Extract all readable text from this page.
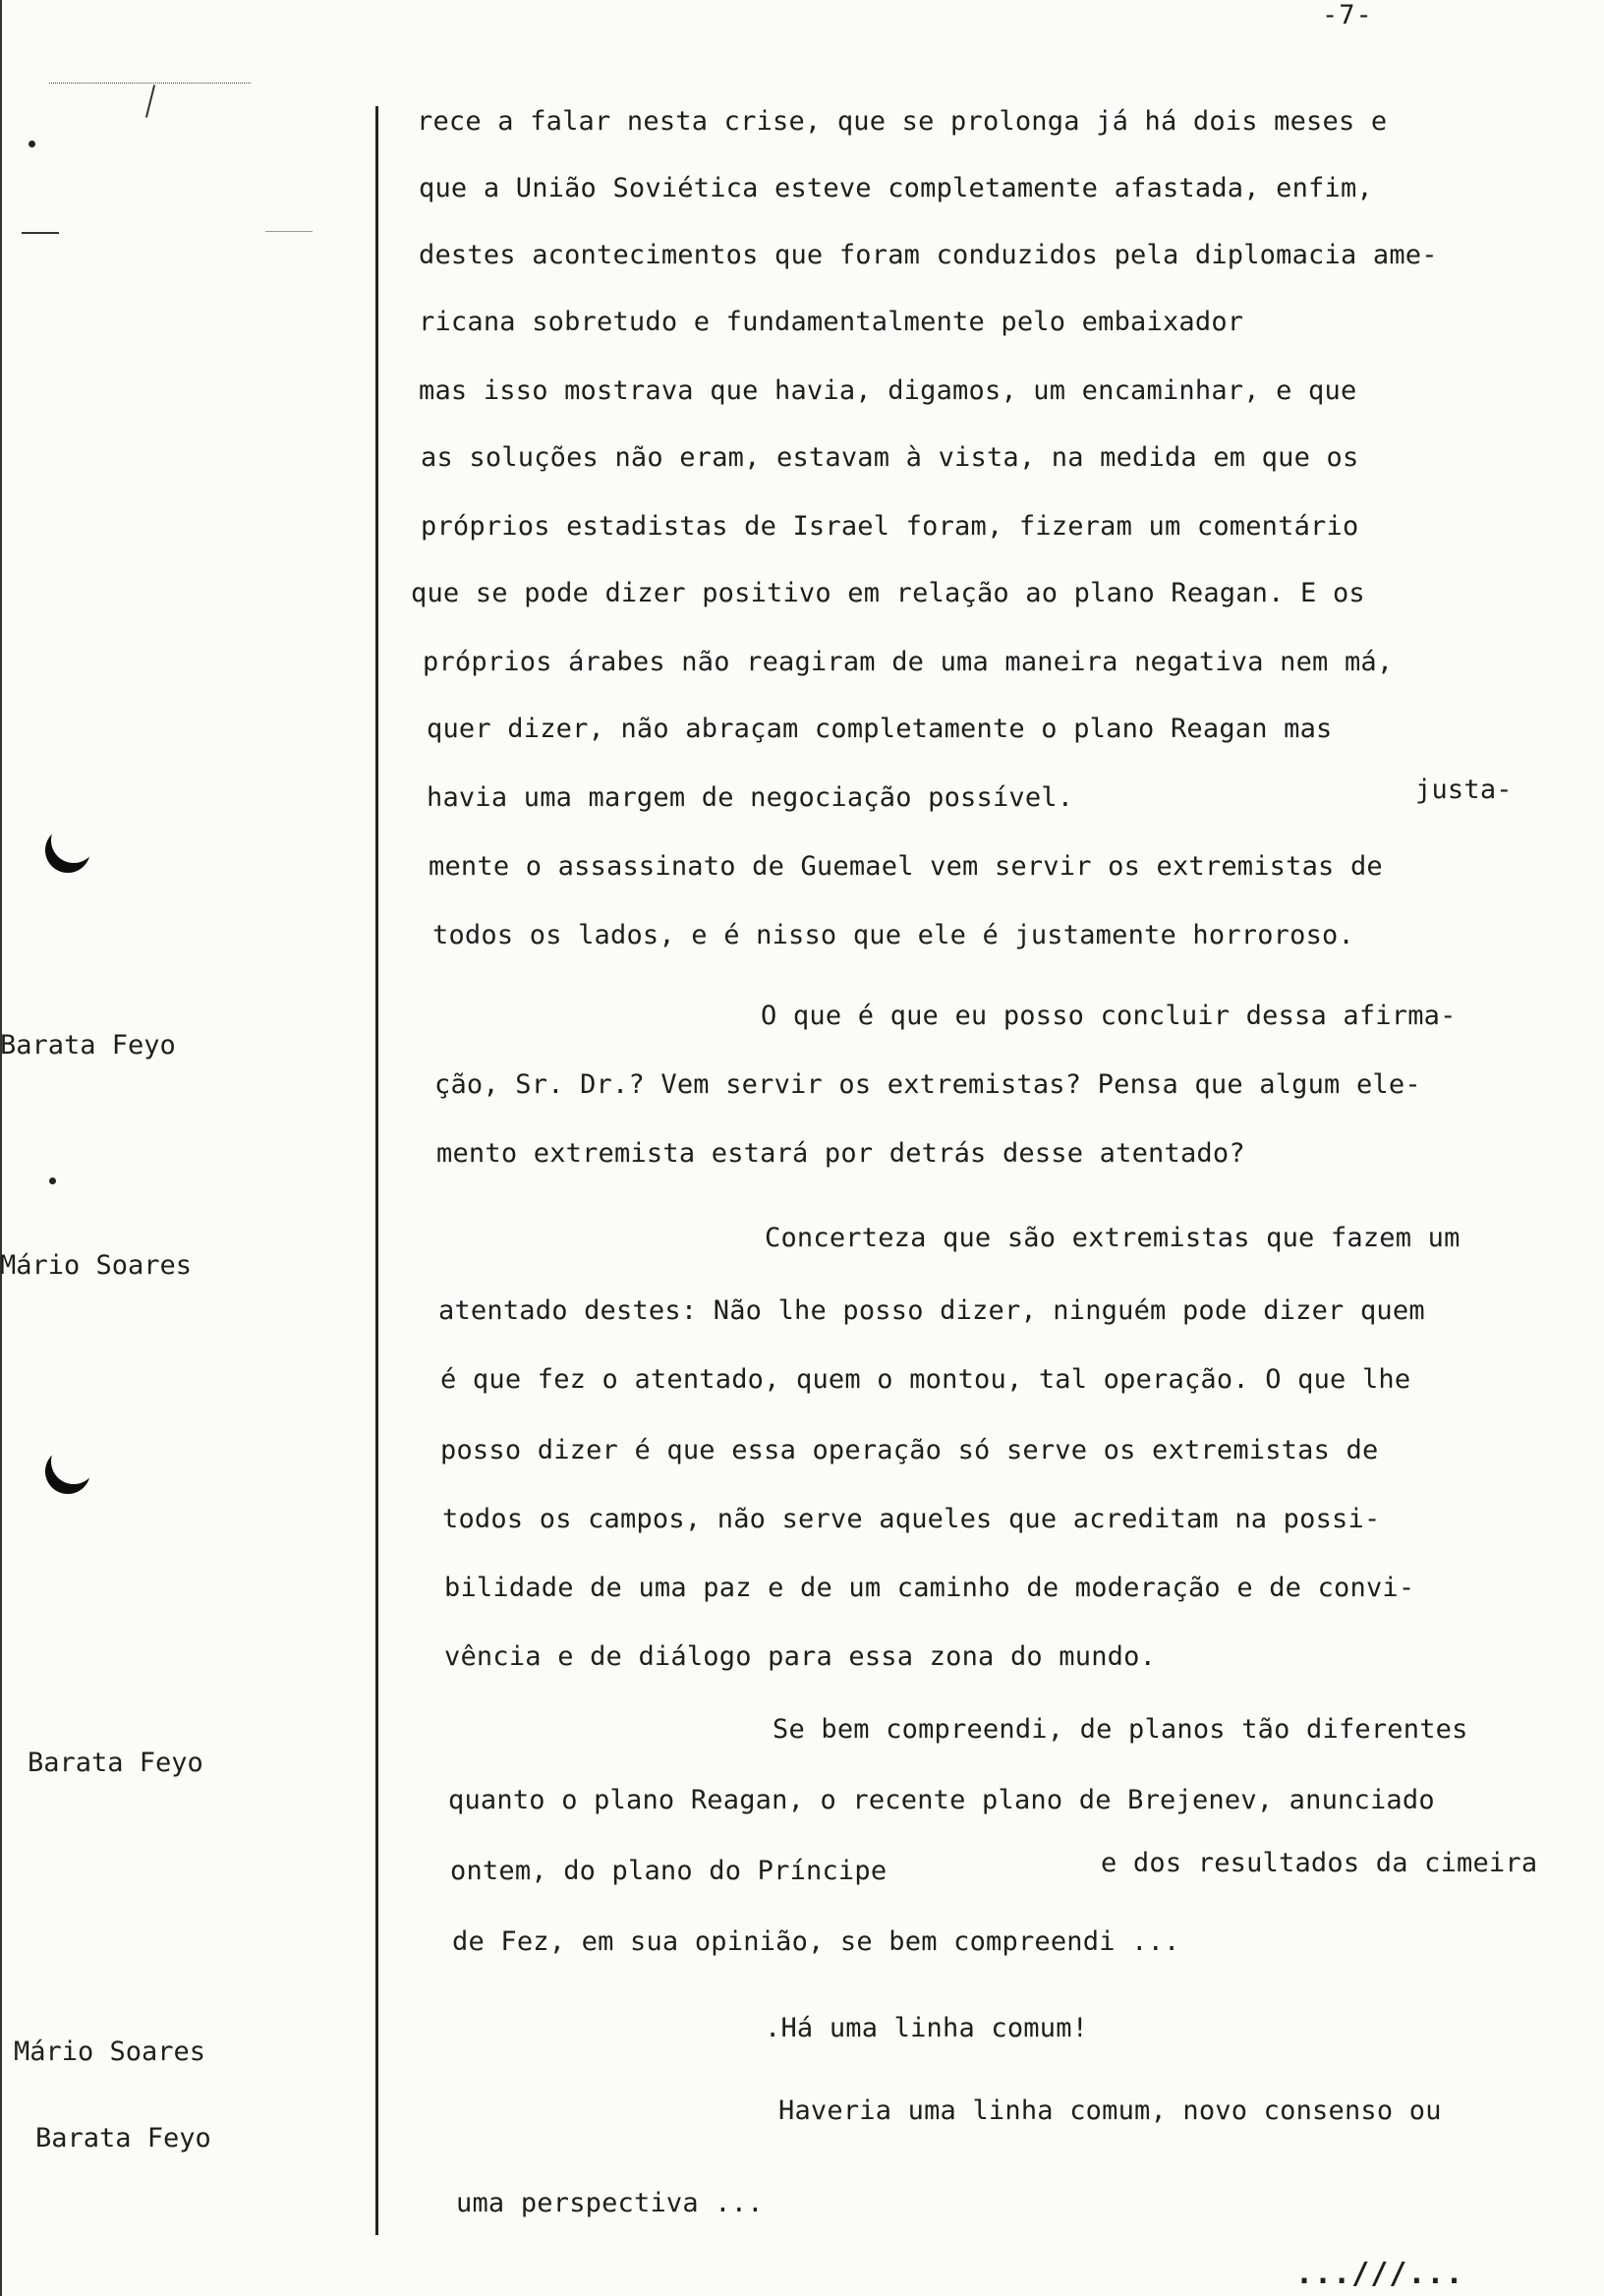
-7-
Barata Feyo
Mário Soares
Barata Feyo
Mário Soares
Barata Feyo
rece a falar nesta crise, que se prolonga já há dois meses e
que a União Soviética esteve completamente afastada, enfim,
destes acontecimentos que foram conduzidos pela diplomacia ame-
ricana sobretudo e fundamentalmente pelo embaixador
mas isso mostrava que havia, digamos, um encaminhar, e que
as soluções não eram, estavam à vista, na medida em que os
próprios estadistas de Israel foram, fizeram um comentário
que se pode dizer positivo em relação ao plano Reagan. E os
próprios árabes não reagiram de uma maneira negativa nem má,
quer dizer, não abraçam completamente o plano Reagan mas
havia uma margem de negociação possível.	justa-
mente o assassinato de Guemael vem servir os extremistas de
todos os lados, e é nisso que ele é justamente horroroso.
O que é que eu posso concluir dessa afirma-
ção, Sr. Dr.? Vem servir os extremistas? Pensa que algum ele-
mento extremista estará por detrás desse atentado?
Concerteza que são extremistas que fazem um
atentado destes: Não lhe posso dizer, ninguém pode dizer quem
é que fez o atentado, quem o montou, tal operação. O que lhe
posso dizer é que essa operação só serve os extremistas de
todos os campos, não serve aqueles que acreditam na possi-
bilidade de uma paz e de um caminho de moderação e de convi-
vência e de diálogo para essa zona do mundo.
Se bem compreendi, de planos tão diferentes
quanto o plano Reagan, o recente plano de Brejenev, anunciado
ontem, do plano do Príncipe	e dos resultados da cimeira
de Fez, em sua opinião, se bem compreendi ...
.Há uma linha comum!
Haveria uma linha comum, novo consenso ou
uma perspectiva ...
...///...
